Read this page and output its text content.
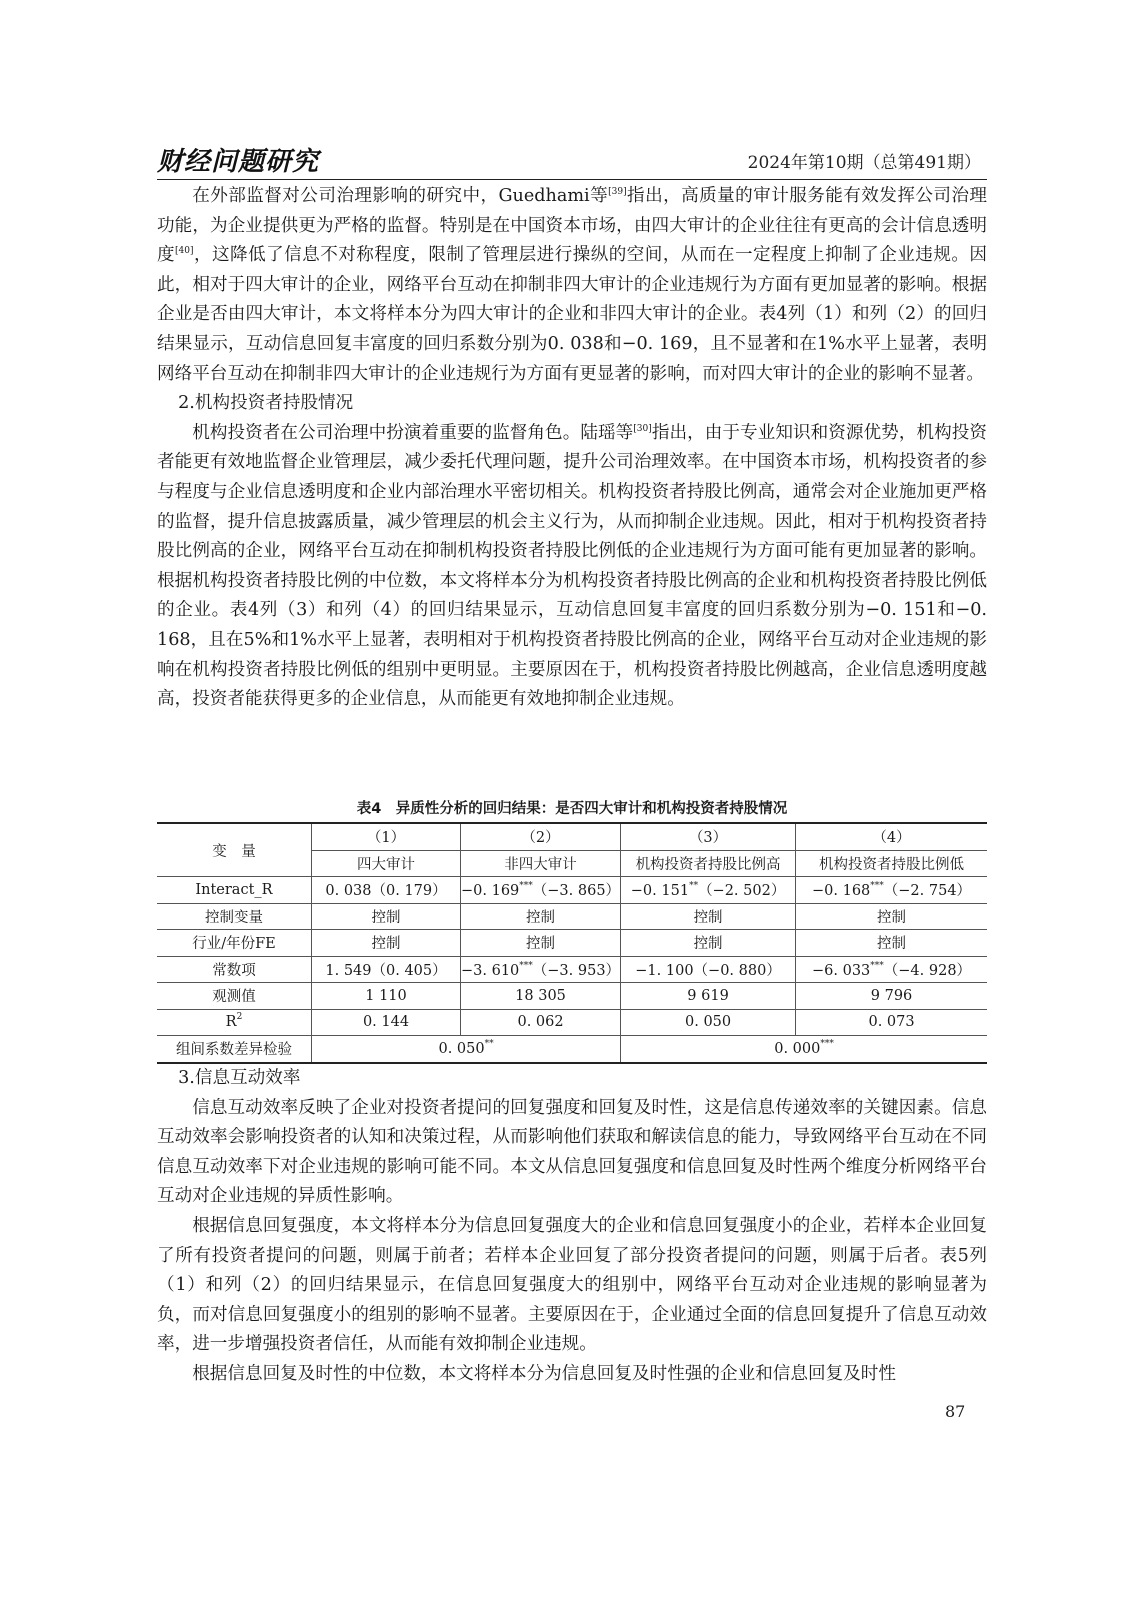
财经问题研究	2024年第10期（总第491期）

在外部监督对公司治理影响的研究中，Guedhami等[39]指出，高质量的审计服务能有效发挥公司治理功能，为企业提供更为严格的监督。特别是在中国资本市场，由四大审计的企业往往有更高的会计信息透明度[40]，这降低了信息不对称程度，限制了管理层进行操纵的空间，从而在一定程度上抑制了企业违规。因此，相对于四大审计的企业，网络平台互动在抑制非四大审计的企业违规行为方面有更加显著的影响。根据企业是否由四大审计，本文将样本分为四大审计的企业和非四大审计的企业。表4列（1）和列（2）的回归结果显示，互动信息回复丰富度的回归系数分别为0. 038和−0. 169，且不显著和在1%水平上显著，表明网络平台互动在抑制非四大审计的企业违规行为方面有更显著的影响，而对四大审计的企业的影响不显著。

2.机构投资者持股情况

机构投资者在公司治理中扮演着重要的监督角色。陆瑶等[30]指出，由于专业知识和资源优势，机构投资者能更有效地监督企业管理层，减少委托代理问题，提升公司治理效率。在中国资本市场，机构投资者的参与程度与企业信息透明度和企业内部治理水平密切相关。机构投资者持股比例高，通常会对企业施加更严格的监督，提升信息披露质量，减少管理层的机会主义行为，从而抑制企业违规。因此，相对于机构投资者持股比例高的企业，网络平台互动在抑制机构投资者持股比例低的企业违规行为方面可能有更加显著的影响。根据机构投资者持股比例的中位数，本文将样本分为机构投资者持股比例高的企业和机构投资者持股比例低的企业。表4列（3）和列（4）的回归结果显示，互动信息回复丰富度的回归系数分别为−0. 151和−0. 168，且在5%和1%水平上显著，表明相对于机构投资者持股比例高的企业，网络平台互动对企业违规的影响在机构投资者持股比例低的组别中更明显。主要原因在于，机构投资者持股比例越高，企业信息透明度越高，投资者能获得更多的企业信息，从而能更有效地抑制企业违规。

表4　异质性分析的回归结果：是否四大审计和机构投资者持股情况
变　量	（1）	（2）	（3）	（4）
	四大审计	非四大审计	机构投资者持股比例高	机构投资者持股比例低
Interact_R	0. 038（0. 179）	−0. 169***（−3. 865）	−0. 151**（−2. 502）	−0. 168***（−2. 754）
控制变量	控制	控制	控制	控制
行业/年份FE	控制	控制	控制	控制
常数项	1. 549（0. 405）	−3. 610***（−3. 953）	−1. 100（−0. 880）	−6. 033***（−4. 928）
观测值	1 110	18 305	9 619	9 796
$R^2$	0. 144	0. 062	0. 050	0. 073
组间系数差异检验	0. 050**		0. 000***
3.信息互动效率

信息互动效率反映了企业对投资者提问的回复强度和回复及时性，这是信息传递效率的关键因素。信息互动效率会影响投资者的认知和决策过程，从而影响他们获取和解读信息的能力，导致网络平台互动在不同信息互动效率下对企业违规的影响可能不同。本文从信息回复强度和信息回复及时性两个维度分析网络平台互动对企业违规的异质性影响。

根据信息回复强度，本文将样本分为信息回复强度大的企业和信息回复强度小的企业，若样本企业回复了所有投资者提问的问题，则属于前者；若样本企业回复了部分投资者提问的问题，则属于后者。表5列（1）和列（2）的回归结果显示，在信息回复强度大的组别中，网络平台互动对企业违规的影响显著为负，而对信息回复强度小的组别的影响不显著。主要原因在于，企业通过全面的信息回复提升了信息互动效率，进一步增强投资者信任，从而能有效抑制企业违规。

根据信息回复及时性的中位数，本文将样本分为信息回复及时性强的企业和信息回复及时性

87
